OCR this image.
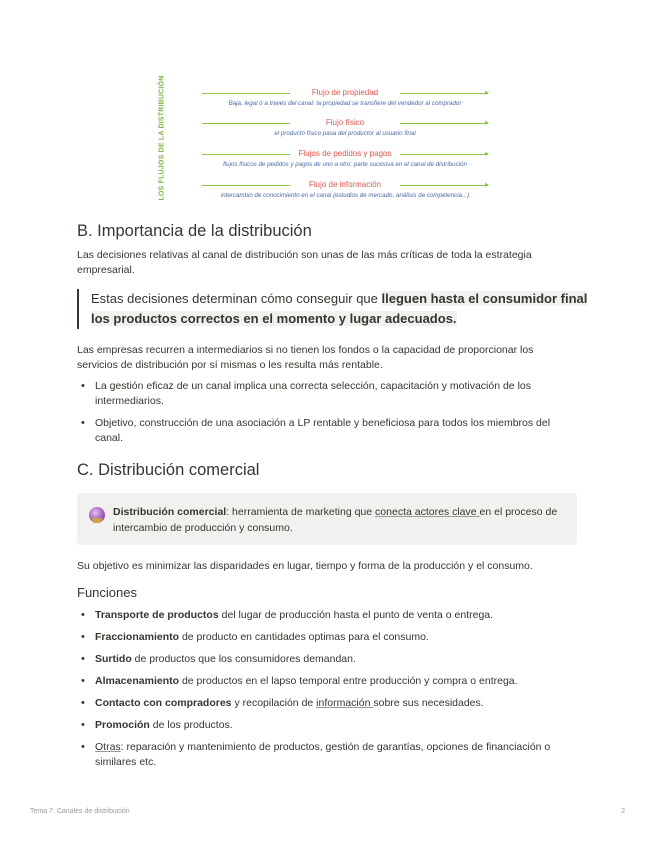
LOS FLUJOS DE LA DISTRIBUCIÓN	▸
Flujo de propiedad
Baja, legal o a través del canal: la propiedad se transfiere del vendedor al comprador
▸
Flujo físico
el producto físico pasa del productor al usuario final
▸
Flujos de pedidos y pagos
flujos físicos de pedidos y pagos de uno a otro; parte sucesiva en el canal de distribución
▸
Flujo de información
intercambio de conocimiento en el canal (estudios de mercado, análisis de competencia...)
B. Importancia de la distribución

Las decisiones relativas al canal de distribución son unas de las más críticas de toda la estrategia empresarial.

Estas decisiones determinan cómo conseguir que lleguen hasta el consumidor final los productos correctos en el momento y lugar adecuados.

Las empresas recurren a intermediarios si no tienen los fondos o la capacidad de proporcionar los servicios de distribución por sí mismas o les resulta más rentable.

• La gestión eficaz de un canal implica una correcta selección, capacitación y motivación de los intermediarios.
• Objetivo, construcción de una asociación a LP rentable y beneficiosa para todos los miembros del canal.
C. Distribución comercial
Distribución comercial: herramienta de marketing que conecta actores clave en el proceso de intercambio de producción y consumo.

Su objetivo es minimizar las disparidades en lugar, tiempo y forma de la producción y el consumo.

Funciones
• Transporte de productos del lugar de producción hasta el punto de venta o entrega.
• Fraccionamiento de producto en cantidades optimas para el consumo.
• Surtido de productos que los consumidores demandan.
• Almacenamiento de productos en el lapso temporal entre producción y compra o entrega.
• Contacto con compradores y recopilación de información sobre sus necesidades.
• Promoción de los productos.
• Otras: reparación y mantenimiento de productos, gestión de garantías, opciones de financiación o similares etc.
Tema 7: Canales de distribución	2
